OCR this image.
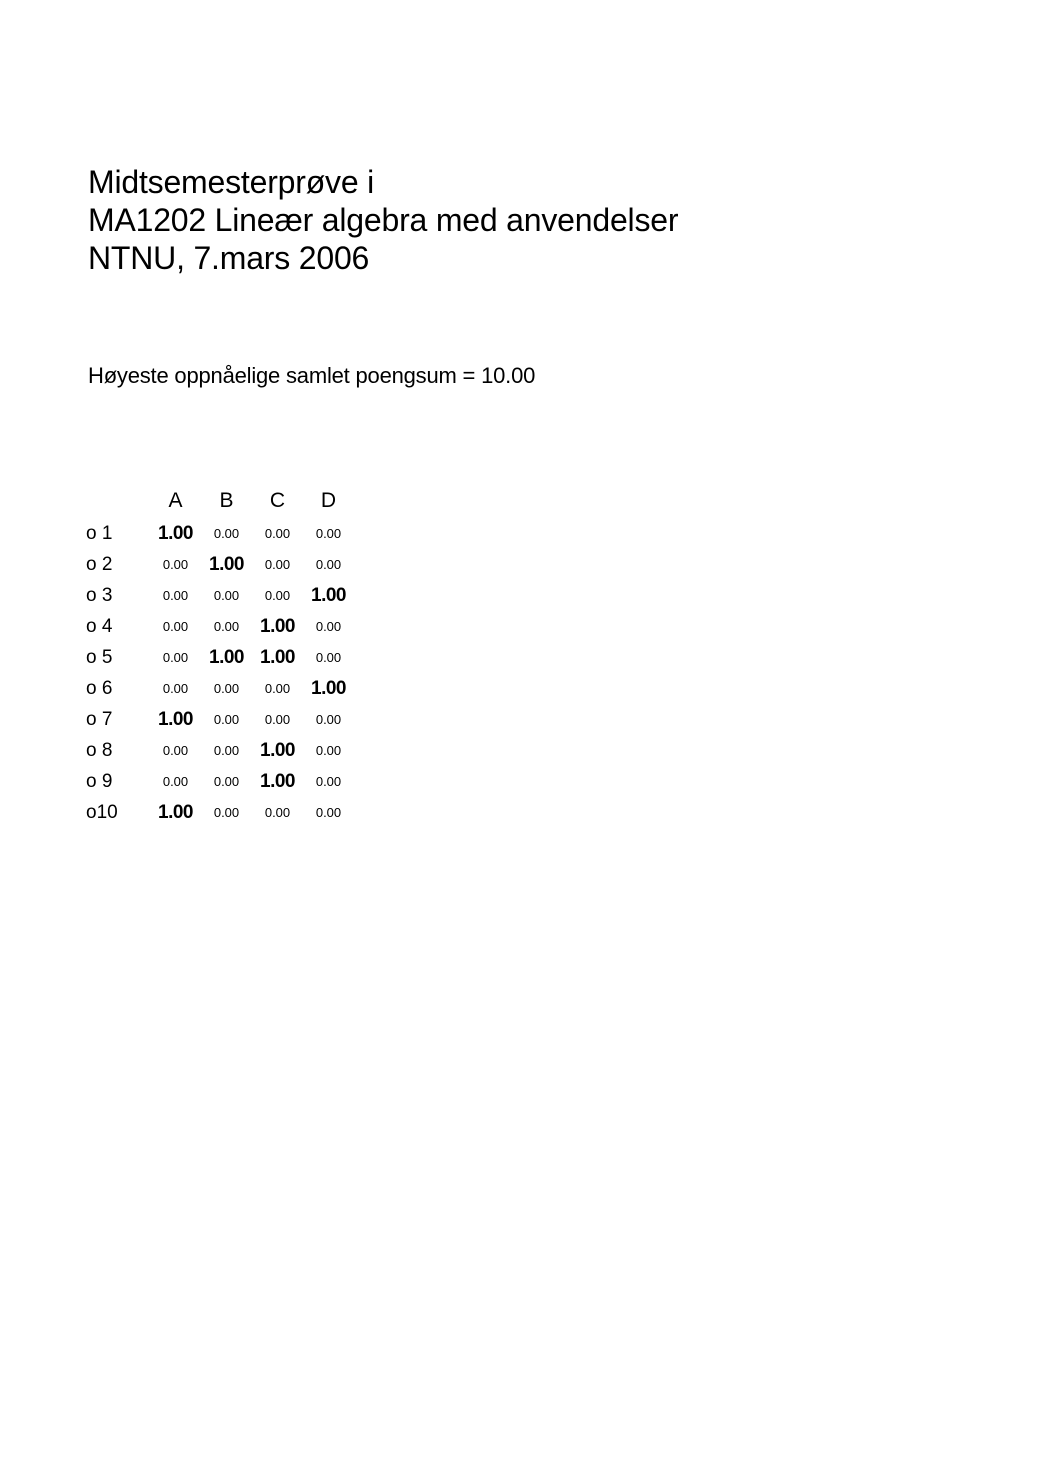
Midtsemesterprøve i
MA1202 Lineær algebra med anvendelser
NTNU, 7.mars 2006
Høyeste oppnåelige samlet poengsum = 10.00
	A	B	C	D
o 1	1.00	0.00	0.00	0.00
o 2	0.00	1.00	0.00	0.00
o 3	0.00	0.00	0.00	1.00
o 4	0.00	0.00	1.00	0.00
o 5	0.00	1.00	1.00	0.00
o 6	0.00	0.00	0.00	1.00
o 7	1.00	0.00	0.00	0.00
o 8	0.00	0.00	1.00	0.00
o 9	0.00	0.00	1.00	0.00
o10	1.00	0.00	0.00	0.00
